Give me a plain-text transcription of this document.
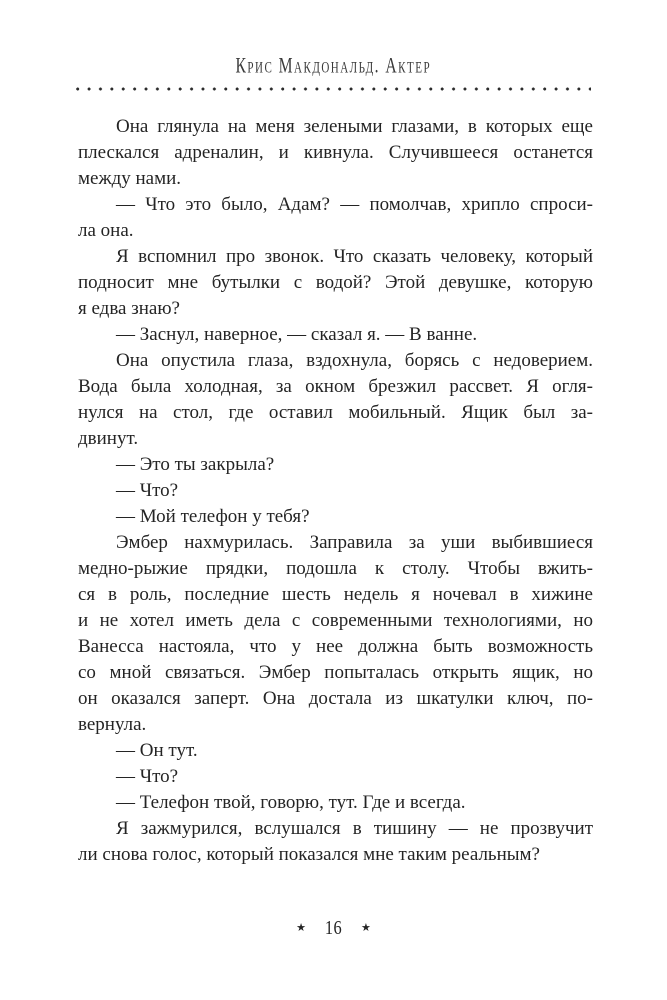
Крис Макдональд. Актер
Она глянула на меня зелеными глазами, в которых еще
плескался адреналин, и кивнула. Случившееся останется
между нами.
— Что это было, Адам? — помолчав, хрипло спроси-
ла она.
Я вспомнил про звонок. Что сказать человеку, который
подносит мне бутылки с водой? Этой девушке, которую
я едва знаю?
— Заснул, наверное, — сказал я. — В ванне.
Она опустила глаза, вздохнула, борясь с недоверием.
Вода была холодная, за окном брезжил рассвет. Я огля-
нулся на стол, где оставил мобильный. Ящик был за-
двинут.
— Это ты закрыла?
— Что?
— Мой телефон у тебя?
Эмбер нахмурилась. Заправила за уши выбившиеся
медно-рыжие прядки, подошла к столу. Чтобы вжить-
ся в роль, последние шесть недель я ночевал в хижине
и не хотел иметь дела с современными технологиями, но
Ванесса настояла, что у нее должна быть возможность
со мной связаться. Эмбер попыталась открыть ящик, но
он оказался заперт. Она достала из шкатулки ключ, по-
вернула.
— Он тут.
— Что?
— Телефон твой, говорю, тут. Где и всегда.
Я зажмурился, вслушался в тишину — не прозвучит
ли снова голос, который показался мне таким реальным?
★ 16 ★
